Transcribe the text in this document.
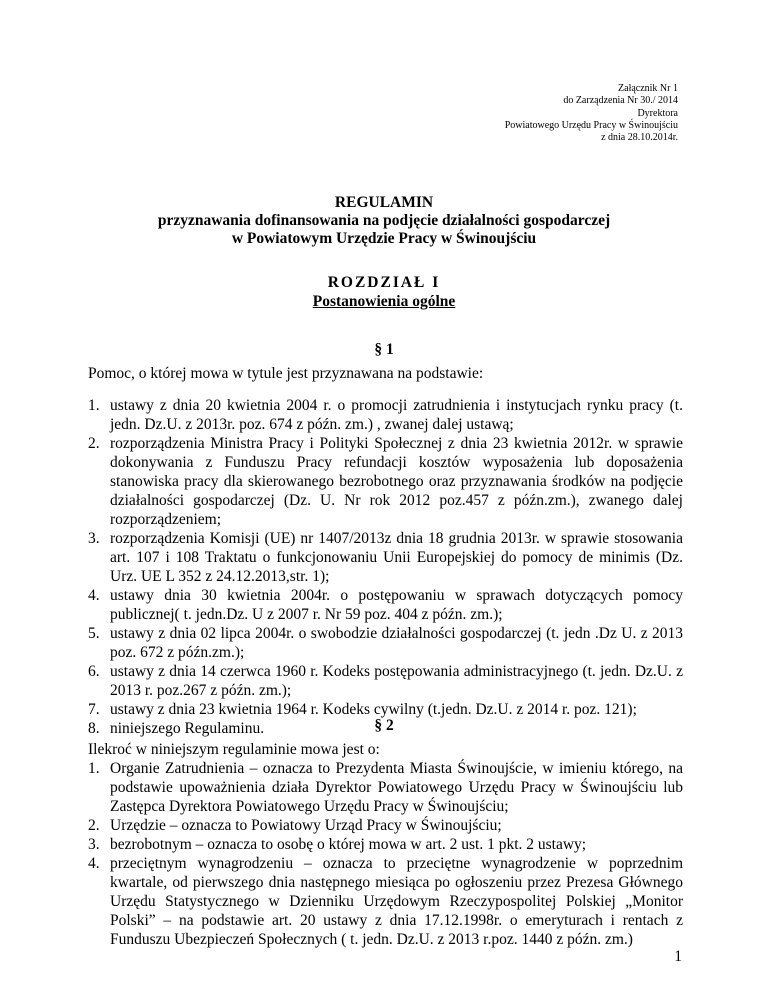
Załącznik Nr 1
do Zarządzenia Nr 30./ 2014
Dyrektora
Powiatowego Urzędu Pracy w Świnoujściu
z dnia 28.10.2014r.
REGULAMIN
przyznawania dofinansowania na podjęcie działalności gospodarczej
w Powiatowym Urzędzie Pracy w Świnoujściu
ROZDZIAŁ I
Postanowienia ogólne
§ 1
Pomoc, o której mowa w tytule jest przyznawana na podstawie:
1. ustawy z dnia 20 kwietnia 2004 r. o promocji zatrudnienia i instytucjach rynku pracy (t. jedn. Dz.U. z 2013r. poz. 674 z późn. zm.) , zwanej dalej ustawą;
2. rozporządzenia Ministra Pracy i Polityki Społecznej z dnia 23 kwietnia 2012r. w sprawie dokonywania z Funduszu Pracy refundacji kosztów wyposażenia lub doposażenia stanowiska pracy dla skierowanego bezrobotnego oraz przyznawania środków na podjęcie działalności gospodarczej (Dz. U. Nr rok 2012 poz.457 z późn.zm.), zwanego dalej rozporządzeniem;
3. rozporządzenia Komisji (UE) nr 1407/2013z dnia 18 grudnia 2013r. w sprawie stosowania art. 107 i 108 Traktatu o funkcjonowaniu Unii Europejskiej do pomocy de minimis (Dz. Urz. UE L 352 z 24.12.2013,str. 1);
4. ustawy dnia 30 kwietnia 2004r. o postępowaniu w sprawach dotyczących pomocy publicznej( t. jedn.Dz. U z 2007 r. Nr 59 poz. 404 z późn. zm.);
5. ustawy z dnia 02 lipca 2004r. o swobodzie działalności gospodarczej (t. jedn .Dz U. z 2013 poz. 672 z późn.zm.);
6. ustawy z dnia 14 czerwca 1960 r. Kodeks postępowania administracyjnego (t. jedn. Dz.U. z 2013 r. poz.267 z późn. zm.);
7. ustawy z dnia 23 kwietnia 1964 r. Kodeks cywilny (t.jedn. Dz.U. z 2014 r. poz. 121);
8. niniejszego Regulaminu.	§ 2
Ilekroć w niniejszym regulaminie mowa jest o:
1. Organie Zatrudnienia – oznacza to Prezydenta Miasta Świnoujście, w imieniu którego, na podstawie upoważnienia działa Dyrektor Powiatowego Urzędu Pracy w Świnoujściu lub Zastępca Dyrektora Powiatowego Urzędu Pracy w Świnoujściu;
2. Urzędzie – oznacza to Powiatowy Urząd Pracy w Świnoujściu;
3. bezrobotnym – oznacza to osobę o której mowa w art. 2 ust. 1 pkt. 2 ustawy;
4. przeciętnym wynagrodzeniu – oznacza to przeciętne wynagrodzenie w poprzednim kwartale, od pierwszego dnia następnego miesiąca po ogłoszeniu przez Prezesa Głównego Urzędu Statystycznego w Dzienniku Urzędowym Rzeczypospolitej Polskiej „Monitor Polski” – na podstawie art. 20 ustawy z dnia 17.12.1998r. o emeryturach i rentach z Funduszu Ubezpieczeń Społecznych ( t. jedn. Dz.U. z 2013 r.poz. 1440 z późn. zm.)
1
